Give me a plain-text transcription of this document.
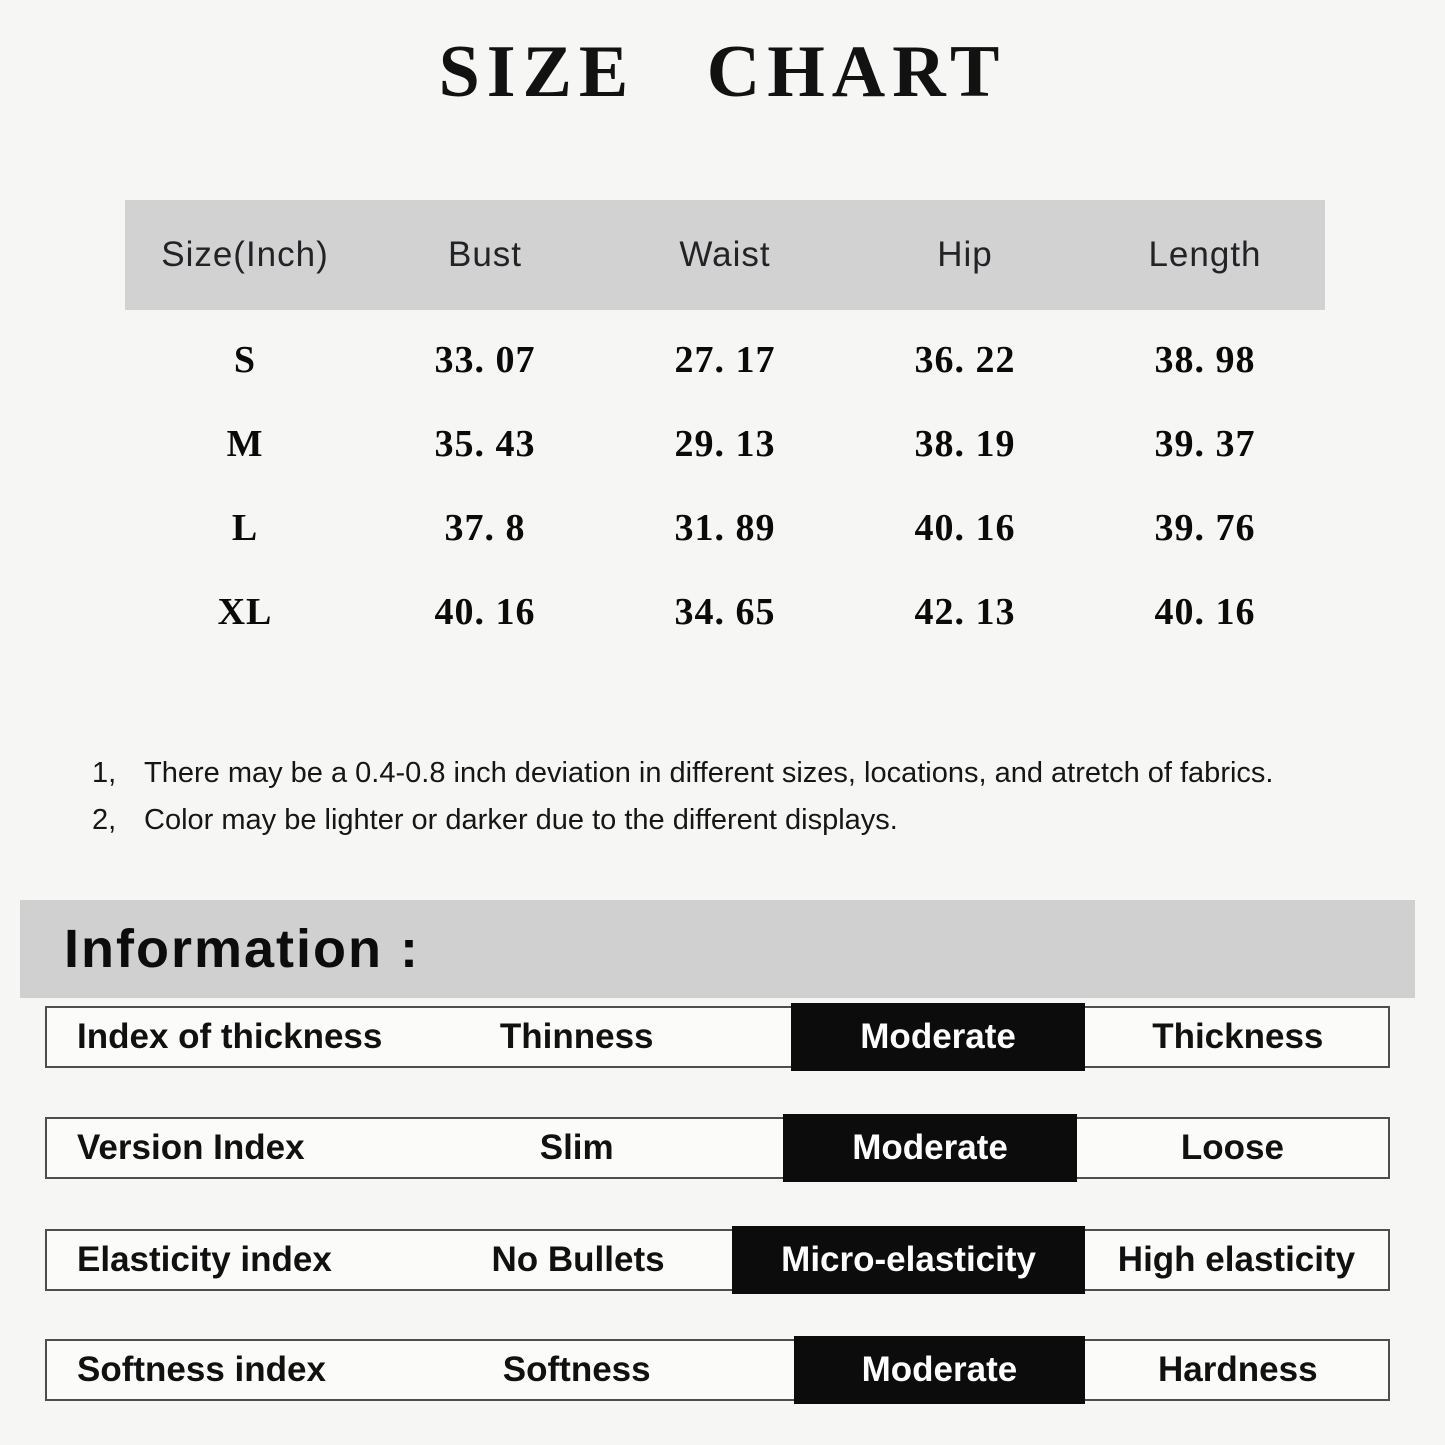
SIZE CHART
Size(Inch)	Bust	Waist	Hip	Length
S	33. 07	27. 17	36. 22	38. 98
M	35. 43	29. 13	38. 19	39. 37
L	37. 8	31. 89	40. 16	39. 76
XL	40. 16	34. 65	42. 13	40. 16
1, There may be a 0.4-0.8 inch deviation in different sizes, locations, and atretch of fabrics.
2, Color may be lighter or darker due to the different displays.
Information :
Index of thickness	Thinness	Moderate	Thickness
Version Index	Slim	Moderate	Loose
Elasticity index	No Bullets	Micro-elasticity	High elasticity
Softness index	Softness	Moderate	Hardness
